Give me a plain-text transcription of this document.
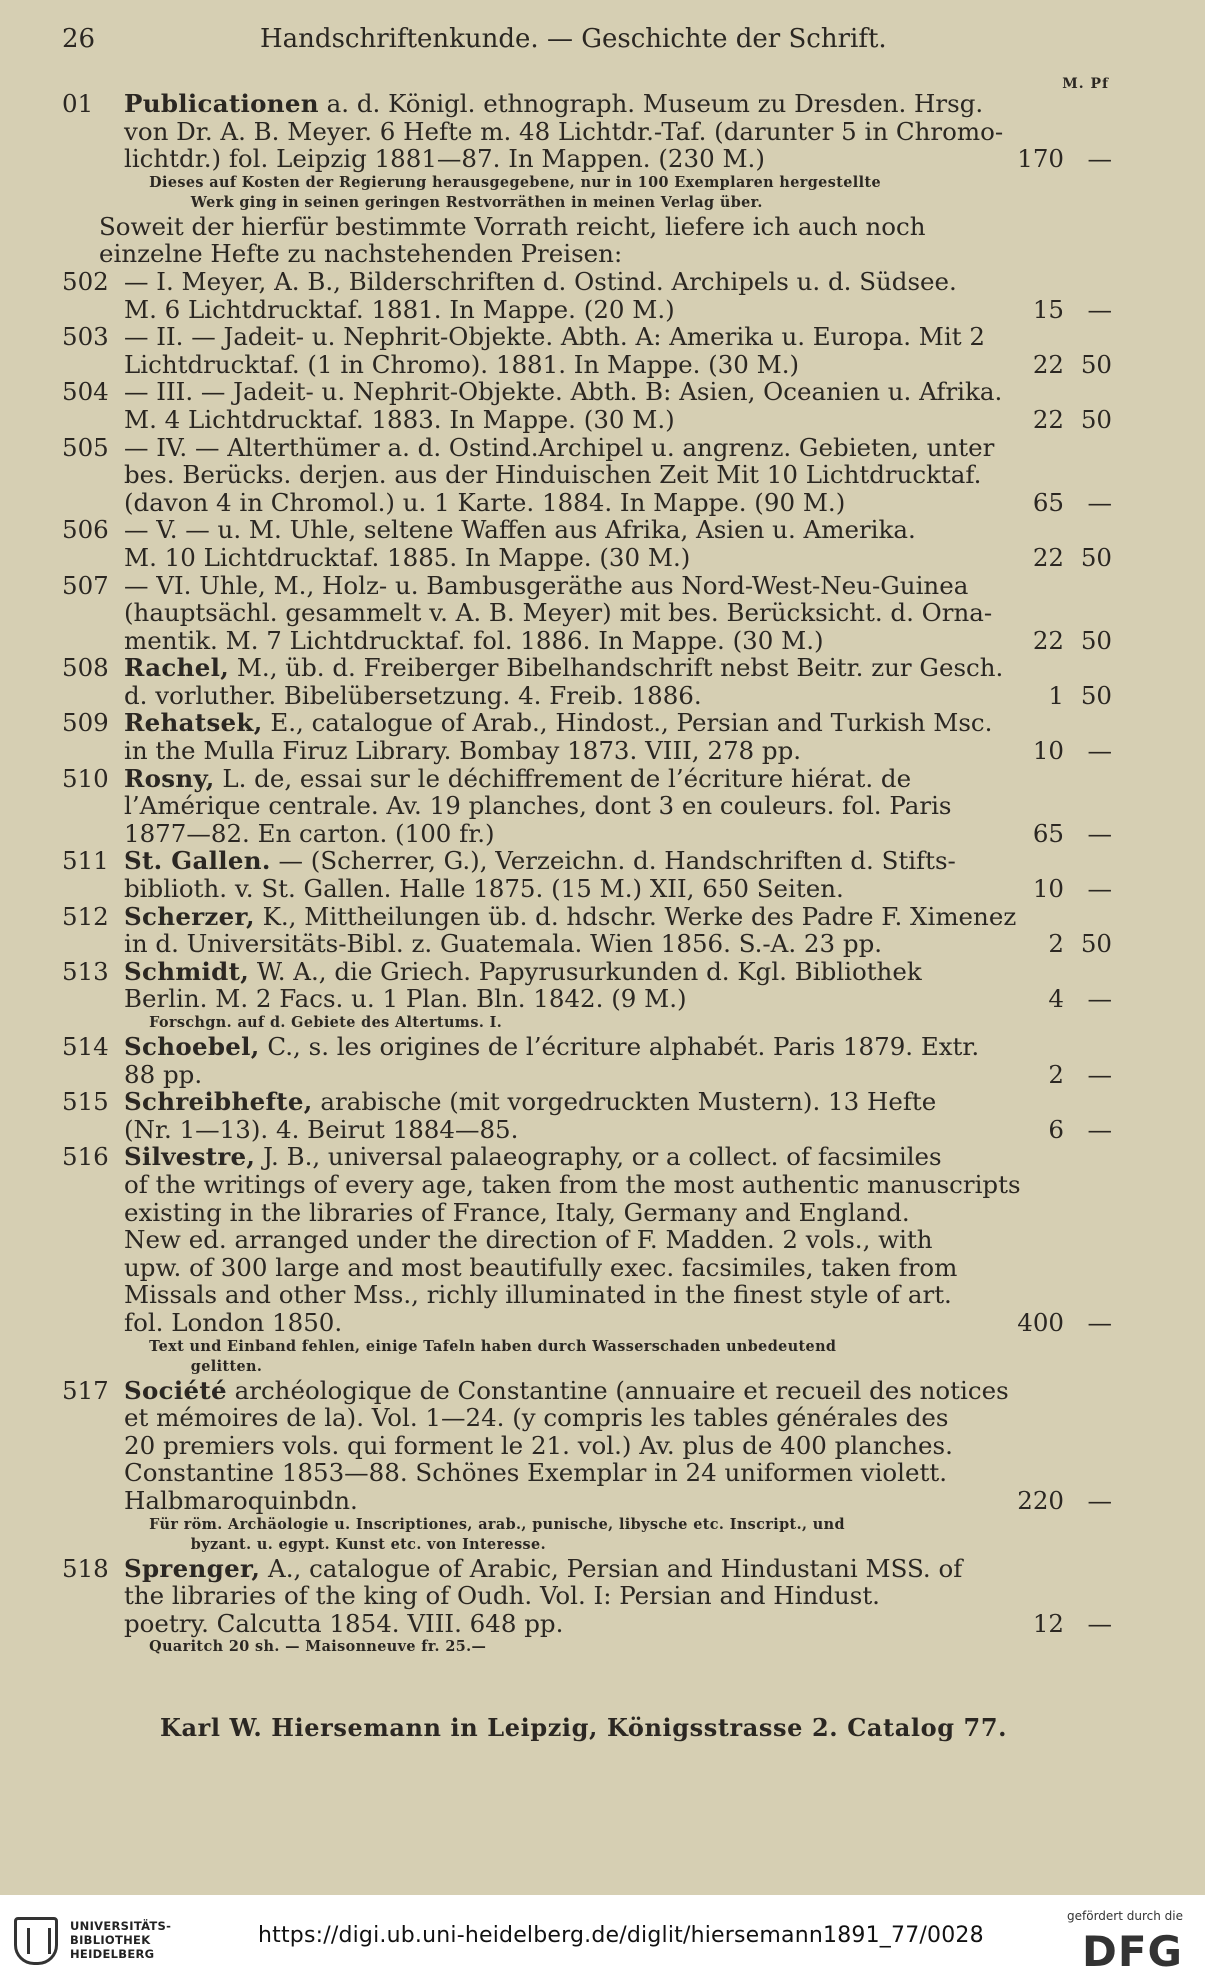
26	Handschriftenkunde. — Geschichte der Schrift.
M. Pf
01	Publicationen a. d. Königl. ethnograph. Museum zu Dresden. Hrsg.
von Dr. A. B. Meyer. 6 Hefte m. 48 Lichtdr.-Taf. (darunter 5 in Chromo-
lichtdr.) fol. Leipzig 1881—87. In Mappen. (230 M.)	170 —
Dieses auf Kosten der Regierung herausgegebene, nur in 100 Exemplaren hergestellte
Werk ging in seinen geringen Restvorräthen in meinen Verlag über.
Soweit der hierfür bestimmte Vorrath reicht, liefere ich auch noch
einzelne Hefte zu nachstehenden Preisen:
502 — I. Meyer, A. B., Bilderschriften d. Ostind. Archipels u. d. Südsee.
M. 6 Lichtdrucktaf. 1881. In Mappe. (20 M.)	15 —
503 — II. — Jadeit- u. Nephrit-Objekte. Abth. A: Amerika u. Europa. Mit 2
Lichtdrucktaf. (1 in Chromo). 1881. In Mappe. (30 M.)	22 50
504 — III. — Jadeit- u. Nephrit-Objekte. Abth. B: Asien, Oceanien u. Afrika.
M. 4 Lichtdrucktaf. 1883. In Mappe. (30 M.)	22 50
505 — IV. — Alterthümer a. d. Ostind.Archipel u. angrenz. Gebieten, unter
bes. Berücks. derjen. aus der Hinduischen Zeit Mit 10 Lichtdrucktaf.
(davon 4 in Chromol.) u. 1 Karte. 1884. In Mappe. (90 M.)	65 —
506 — V. — u. M. Uhle, seltene Waffen aus Afrika, Asien u. Amerika.
M. 10 Lichtdrucktaf. 1885. In Mappe. (30 M.)	22 50
507 — VI. Uhle, M., Holz- u. Bambusgeräthe aus Nord-West-Neu-Guinea
(hauptsächl. gesammelt v. A. B. Meyer) mit bes. Berücksicht. d. Orna-
mentik. M. 7 Lichtdrucktaf. fol. 1886. In Mappe. (30 M.)	22 50
508 Rachel, M., üb. d. Freiberger Bibelhandschrift nebst Beitr. zur Gesch.
d. vorluther. Bibelübersetzung. 4. Freib. 1886.	1 50
509 Rehatsek, E., catalogue of Arab., Hindost., Persian and Turkish Msc.
in the Mulla Firuz Library. Bombay 1873. VIII, 278 pp.	10 —
510 Rosny, L. de, essai sur le déchiffrement de l’écriture hiérat. de
l’Amérique centrale. Av. 19 planches, dont 3 en couleurs. fol. Paris
1877—82. En carton. (100 fr.)	65 —
511 St. Gallen. — (Scherrer, G.), Verzeichn. d. Handschriften d. Stifts-
biblioth. v. St. Gallen. Halle 1875. (15 M.) XII, 650 Seiten.	10 —
512 Scherzer, K., Mittheilungen üb. d. hdschr. Werke des Padre F. Ximenez
in d. Universitäts-Bibl. z. Guatemala. Wien 1856. S.-A. 23 pp.	2 50
513 Schmidt, W. A., die Griech. Papyrusurkunden d. Kgl. Bibliothek
Berlin. M. 2 Facs. u. 1 Plan. Bln. 1842. (9 M.)	4 —
Forschgn. auf d. Gebiete des Altertums. I.
514 Schoebel, C., s. les origines de l’écriture alphabét. Paris 1879. Extr.
88 pp.	2 —
515 Schreibhefte, arabische (mit vorgedruckten Mustern). 13 Hefte
(Nr. 1—13). 4. Beirut 1884—85.	6 —
516 Silvestre, J. B., universal palaeography, or a collect. of facsimiles
of the writings of every age, taken from the most authentic manuscripts
existing in the libraries of France, Italy, Germany and England.
New ed. arranged under the direction of F. Madden. 2 vols., with
upw. of 300 large and most beautifully exec. facsimiles, taken from
Missals and other Mss., richly illuminated in the finest style of art.
fol. London 1850.	400 —
Text und Einband fehlen, einige Tafeln haben durch Wasserschaden unbedeutend
gelitten.
517 Société archéologique de Constantine (annuaire et recueil des notices
et mémoires de la). Vol. 1—24. (y compris les tables générales des
20 premiers vols. qui forment le 21. vol.) Av. plus de 400 planches.
Constantine 1853—88. Schönes Exemplar in 24 uniformen violett.
Halbmaroquinbdn.	220 —
Für röm. Archäologie u. Inscriptiones, arab., punische, libysche etc. Inscript., und
byzant. u. egypt. Kunst etc. von Interesse.
518 Sprenger, A., catalogue of Arabic, Persian and Hindustani MSS. of
the libraries of the king of Oudh. Vol. I: Persian and Hindust.
poetry. Calcutta 1854. VIII. 648 pp.	12 —
Quaritch 20 sh. — Maisonneuve fr. 25.—
Karl W. Hiersemann in Leipzig, Königsstrasse 2. Catalog 77.
UNIVERSITÄTS-
BIBLIOTHEK
HEIDELBERG
https://digi.ub.uni-heidelberg.de/diglit/hiersemann1891_77/0028
gefördert durch die
DFG
